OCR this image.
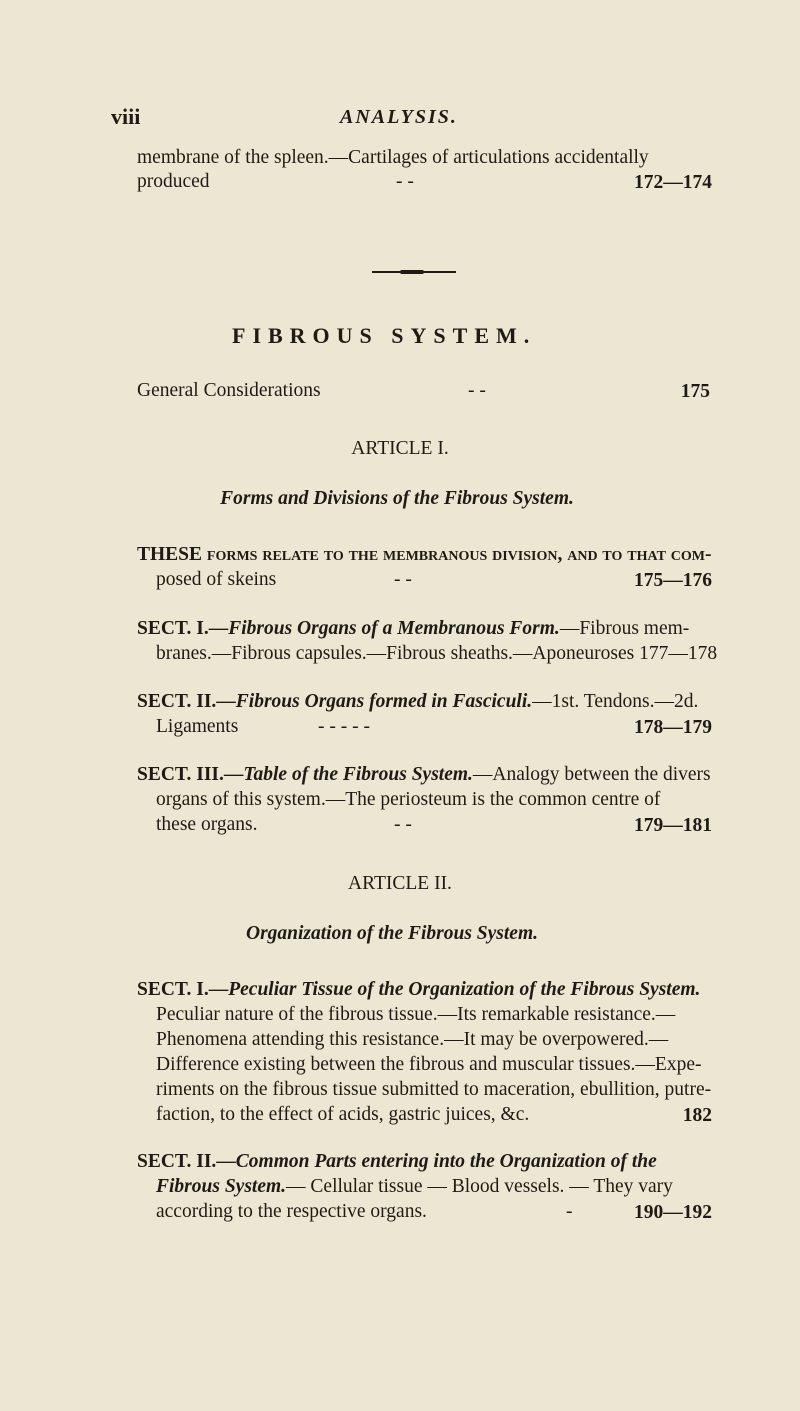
viii	ANALYSIS.
membrane of the spleen.—Cartilages of articulations accidentally
produced	- -	172—174
FIBROUS SYSTEM.
General Considerations	- -	175
ARTICLE I.
Forms and Divisions of the Fibrous System.
THESE forms relate to the membranous division, and to that com-
posed of skeins	- -	175—176
SECT. I.—Fibrous Organs of a Membranous Form.—Fibrous mem-
branes.—Fibrous capsules.—Fibrous sheaths.—Aponeuroses 177—178
SECT. II.—Fibrous Organs formed in Fasciculi.—1st. Tendons.—2d.
Ligaments	- - - - -	178—179
SECT. III.—Table of the Fibrous System.—Analogy between the divers
organs of this system.—The periosteum is the common centre of
these organs.	- -	179—181
ARTICLE II.
Organization of the Fibrous System.
SECT. I.—Peculiar Tissue of the Organization of the Fibrous System.
Peculiar nature of the fibrous tissue.—Its remarkable resistance.—
Phenomena attending this resistance.—It may be overpowered.—
Difference existing between the fibrous and muscular tissues.—Expe-
riments on the fibrous tissue submitted to maceration, ebullition, putre-
faction, to the effect of acids, gastric juices, &c.	182
SECT. II.—Common Parts entering into the Organization of the
Fibrous System.— Cellular tissue — Blood vessels. — They vary
according to the respective organs.	-	190—192
